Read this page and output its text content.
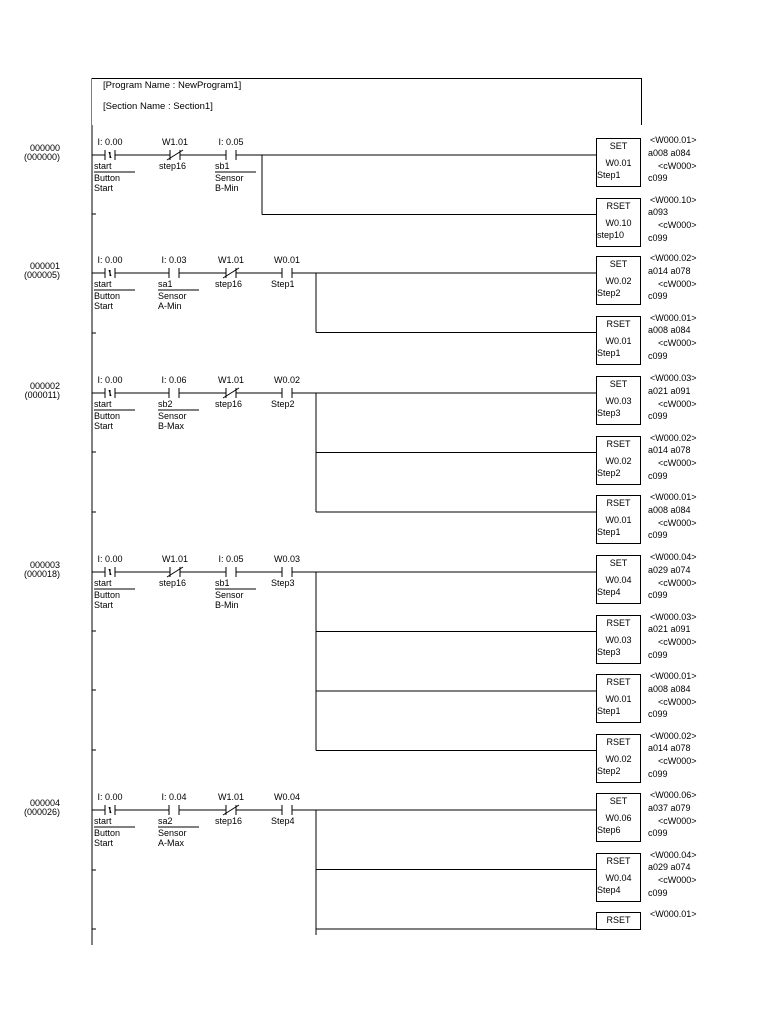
[Program Name : NewProgram1]
[Section Name : Section1]
000000
(000000)
I: 0.00
start
Button
Start
W1.01
step16
I: 0.05
sb1
Sensor
B-Min
SET
W0.01
Step1
<W000.01>
a008 a084
<cW000>
c099
RSET
W0.10
step10
<W000.10>
a093
<cW000>
c099
000001
(000005)
I: 0.00
start
Button
Start
I: 0.03
sa1
Sensor
A-Min
W1.01
step16
W0.01
Step1
SET
W0.02
Step2
<W000.02>
a014 a078
<cW000>
c099
RSET
W0.01
Step1
<W000.01>
a008 a084
<cW000>
c099
000002
(000011)
I: 0.00
start
Button
Start
I: 0.06
sb2
Sensor
B-Max
W1.01
step16
W0.02
Step2
SET
W0.03
Step3
<W000.03>
a021 a091
<cW000>
c099
RSET
W0.02
Step2
<W000.02>
a014 a078
<cW000>
c099
RSET
W0.01
Step1
<W000.01>
a008 a084
<cW000>
c099
000003
(000018)
I: 0.00
start
Button
Start
W1.01
step16
I: 0.05
sb1
Sensor
B-Min
W0.03
Step3
SET
W0.04
Step4
<W000.04>
a029 a074
<cW000>
c099
RSET
W0.03
Step3
<W000.03>
a021 a091
<cW000>
c099
RSET
W0.01
Step1
<W000.01>
a008 a084
<cW000>
c099
RSET
W0.02
Step2
<W000.02>
a014 a078
<cW000>
c099
000004
(000026)
I: 0.00
start
Button
Start
I: 0.04
sa2
Sensor
A-Max
W1.01
step16
W0.04
Step4
SET
W0.06
Step6
<W000.06>
a037 a079
<cW000>
c099
RSET
W0.04
Step4
<W000.04>
a029 a074
<cW000>
c099
RSET
<W000.01>
